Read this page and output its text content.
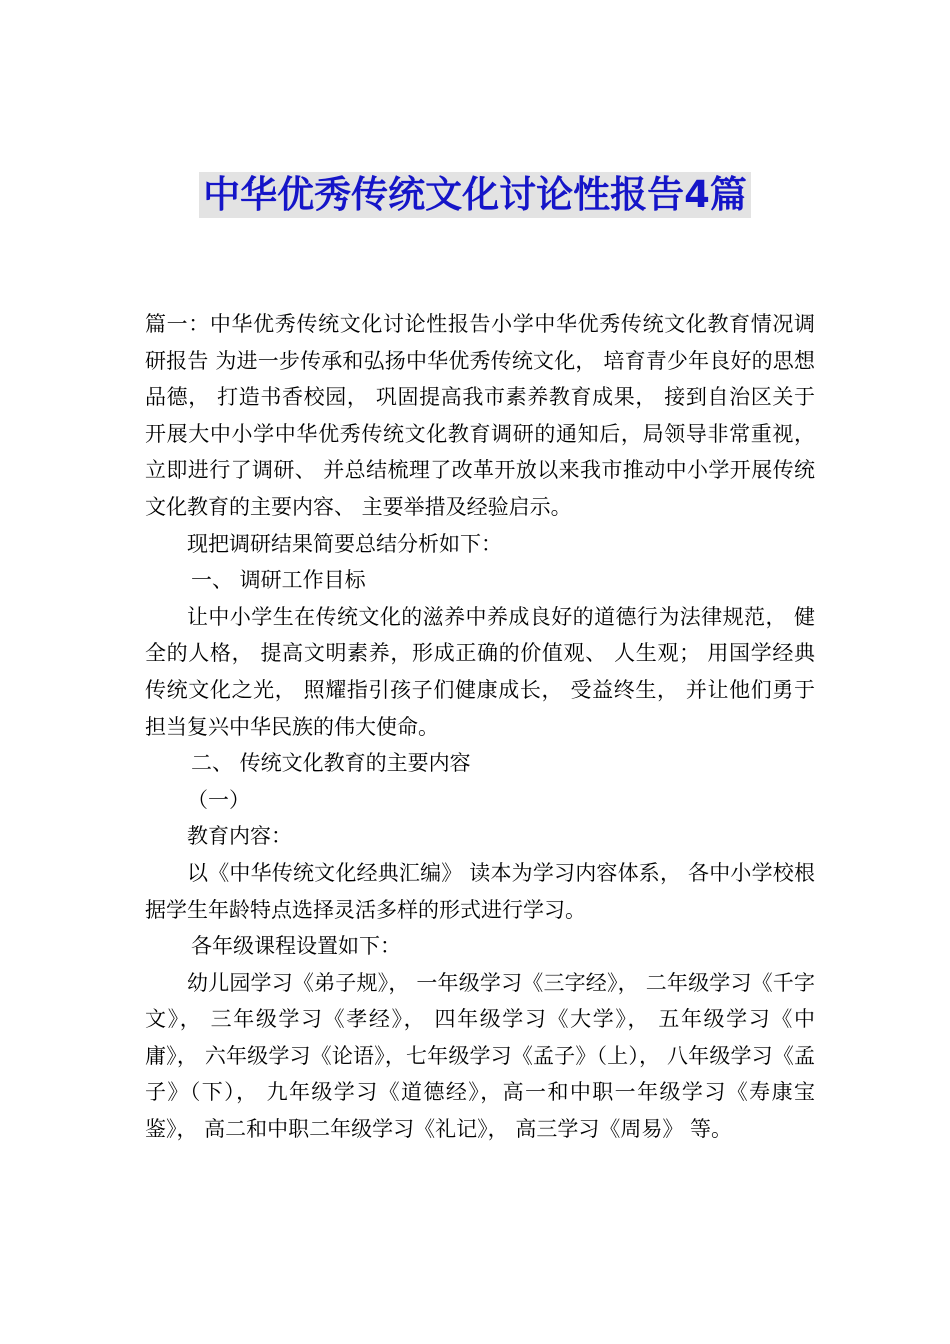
中华优秀传统文化讨论性报告4篇

篇一：中华优秀传统文化讨论性报告小学中华优秀传统文化教育情况调研报告 为进一步传承和弘扬中华优秀传统文化， 培育青少年良好的思想品德， 打造书香校园， 巩固提高我市素养教育成果， 接到自治区关于开展大中小学中华优秀传统文化教育调研的通知后，局领导非常重视， 立即进行了调研、 并总结梳理了改革开放以来我市推动中小学开展传统文化教育的主要内容、 主要举措及经验启示。

现把调研结果简要总结分析如下：

一、 调研工作目标

让中小学生在传统文化的滋养中养成良好的道德行为法律规范， 健全的人格， 提高文明素养，形成正确的价值观、 人生观； 用国学经典传统文化之光， 照耀指引孩子们健康成长， 受益终生， 并让他们勇于担当复兴中华民族的伟大使命。

二、 传统文化教育的主要内容

（一）

教育内容：

以《中华传统文化经典汇编》 读本为学习内容体系， 各中小学校根据学生年龄特点选择灵活多样的形式进行学习。

各年级课程设置如下：

幼儿园学习《弟子规》， 一年级学习《三字经》， 二年级学习《千字文》， 三年级学习《孝经》， 四年级学习《大学》， 五年级学习《中庸》， 六年级学习《论语》，七年级学习《孟子》（上）， 八年级学习《孟子》（下）， 九年级学习《道德经》，高一和中职一年级学习《寿康宝鉴》， 高二和中职二年级学习《礼记》， 高三学习《周易》 等。
